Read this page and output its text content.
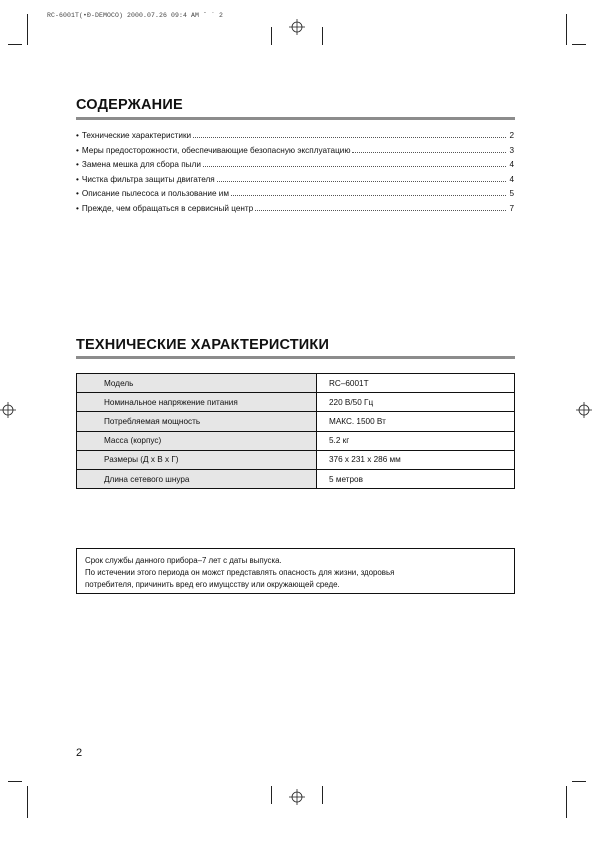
RC-6001T(•Ð-DEMOCO) 2000.07.26 09:4 AM ˘ ` 2
СОДЕРЖАНИЕ
• Технические характеристики	2
• Меры предосторожности, обеспечивающие безопасную эксплуатацию	3
• Замена мешка для сбора пыли	4
• Чистка фильтра защиты двигателя	4
• Описание пылесоса и пользование им	5
• Прежде, чем обращаться в сервисный центр	7
ТЕХНИЧЕСКИЕ ХАРАКТЕРИСТИКИ
Модель	RC–6001T
Номинальное напряжение питания	220 В/50 Гц
Потребляемая мощность	МАКС. 1500 Вт
Масса (корпус)	5.2 кг
Размеры (Д x В x Г)	376 x 231 x 286 мм
Длина сетевого шнура	5 метров
Срок службы данного прибора–7 лет с даты выпуска.
По истечении этого периода он можст представлять опасность для жизни, здоровья
потребителя, причинить вред его имущсству или окружающей среде.
2
